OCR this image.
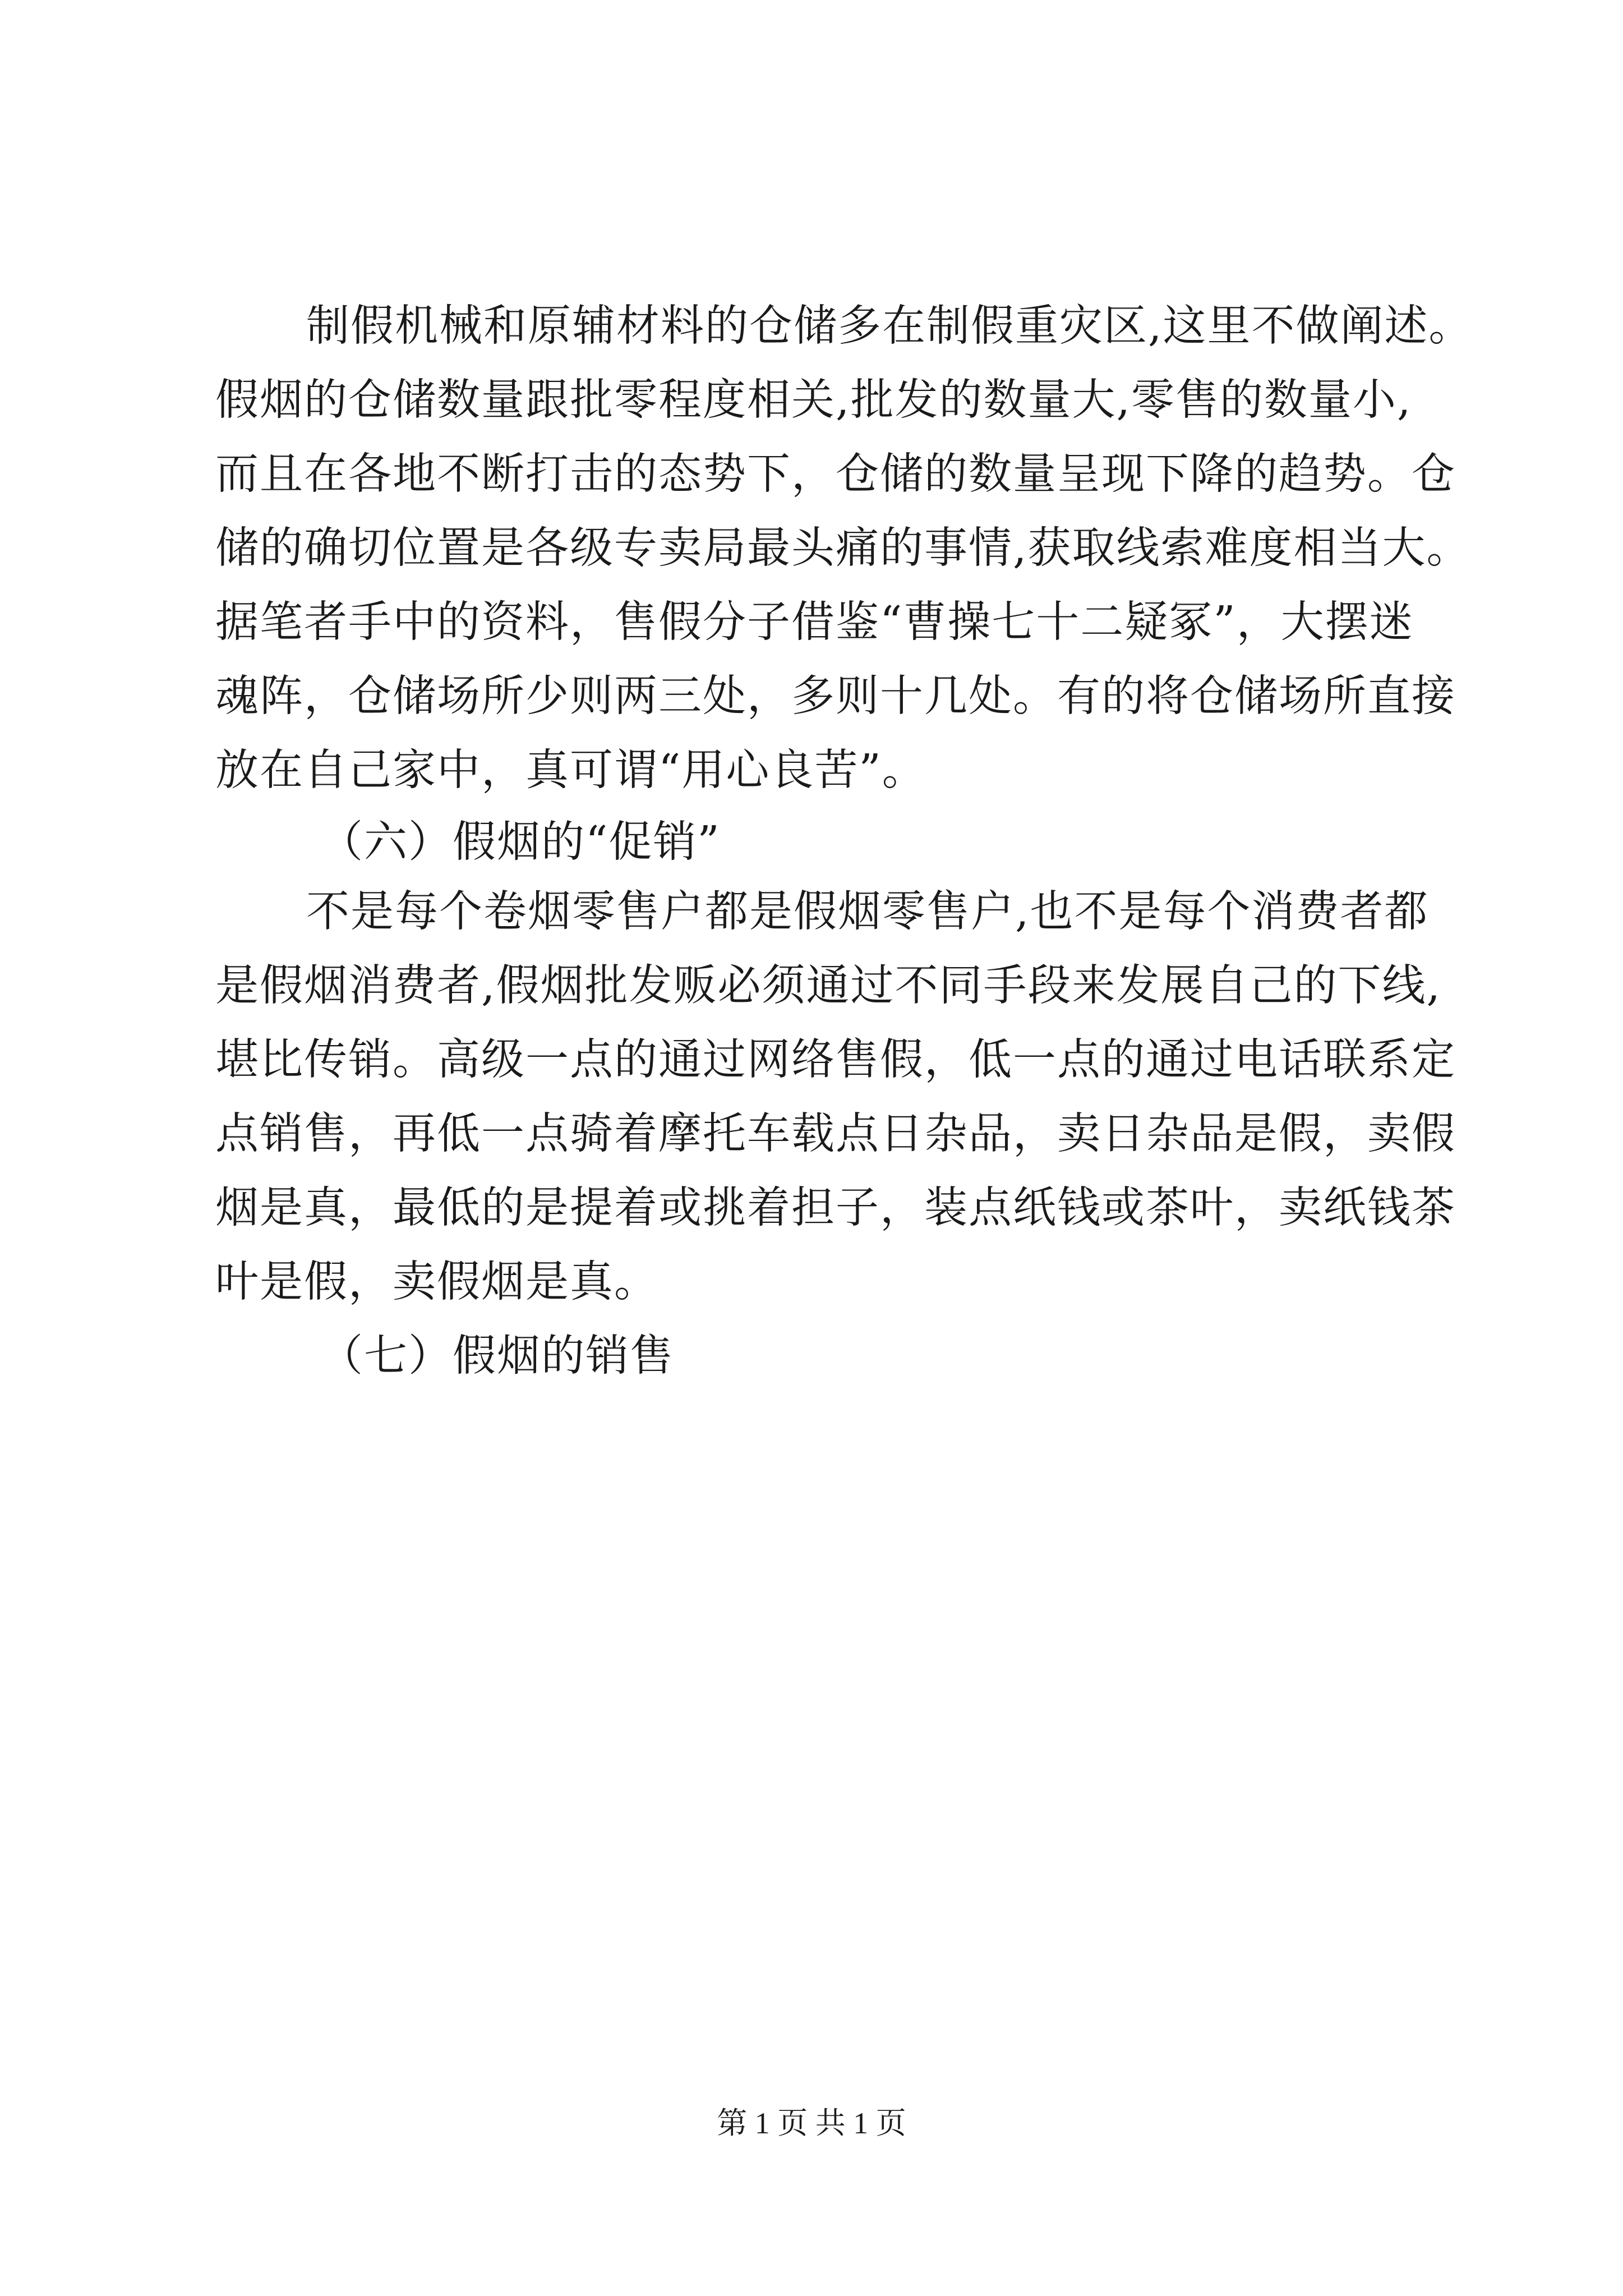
制假机械和原辅材料的仓储多在制假重灾区,这里不做阐述。

假烟的仓储数量跟批零程度相关,批发的数量大,零售的数量小,

而且在各地不断打击的态势下，仓储的数量呈现下降的趋势。仓

储的确切位置是各级专卖局最头痛的事情,获取线索难度相当大。

据笔者手中的资料，售假分子借鉴“曹操七十二疑冢”，大摆迷

魂阵，仓储场所少则两三处，多则十几处。有的将仓储场所直接

放在自己家中，真可谓“用心良苦”。

（六）假烟的“促销”

不是每个卷烟零售户都是假烟零售户,也不是每个消费者都

是假烟消费者,假烟批发贩必须通过不同手段来发展自己的下线,

堪比传销。高级一点的通过网络售假，低一点的通过电话联系定

点销售，再低一点骑着摩托车载点日杂品，卖日杂品是假，卖假

烟是真，最低的是提着或挑着担子，装点纸钱或茶叶，卖纸钱茶

叶是假，卖假烟是真。

（七）假烟的销售

第 1 页 共 1 页
